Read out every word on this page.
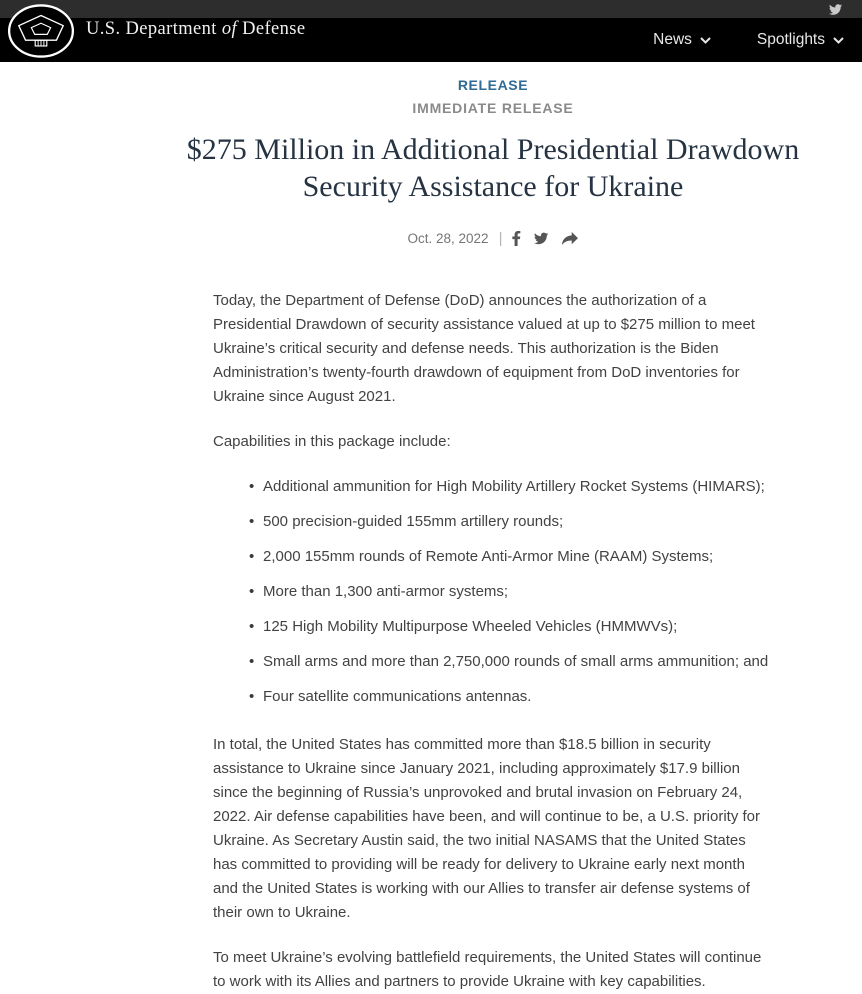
News	Spotlights
U.S. Department of Defense
RELEASE
IMMEDIATE RELEASE
$275 Million in Additional Presidential Drawdown Security Assistance for Ukraine
Oct. 28, 2022 |

Today, the Department of Defense (DoD) announces the authorization of a Presidential Drawdown of security assistance valued at up to $275 million to meet Ukraine’s critical security and defense needs. This authorization is the Biden Administration’s twenty-fourth drawdown of equipment from DoD inventories for Ukraine since August 2021.

Capabilities in this package include:

• Additional ammunition for High Mobility Artillery Rocket Systems (HIMARS);
• 500 precision-guided 155mm artillery rounds;
• 2,000 155mm rounds of Remote Anti-Armor Mine (RAAM) Systems;
• More than 1,300 anti-armor systems;
• 125 High Mobility Multipurpose Wheeled Vehicles (HMMWVs);
• Small arms and more than 2,750,000 rounds of small arms ammunition; and
• Four satellite communications antennas.

In total, the United States has committed more than $18.5 billion in security assistance to Ukraine since January 2021, including approximately $17.9 billion since the beginning of Russia’s unprovoked and brutal invasion on February 24, 2022. Air defense capabilities have been, and will continue to be, a U.S. priority for Ukraine. As Secretary Austin said, the two initial NASAMS that the United States has committed to providing will be ready for delivery to Ukraine early next month and the United States is working with our Allies to transfer air defense systems of their own to Ukraine.

To meet Ukraine’s evolving battlefield requirements, the United States will continue to work with its Allies and partners to provide Ukraine with key capabilities.
